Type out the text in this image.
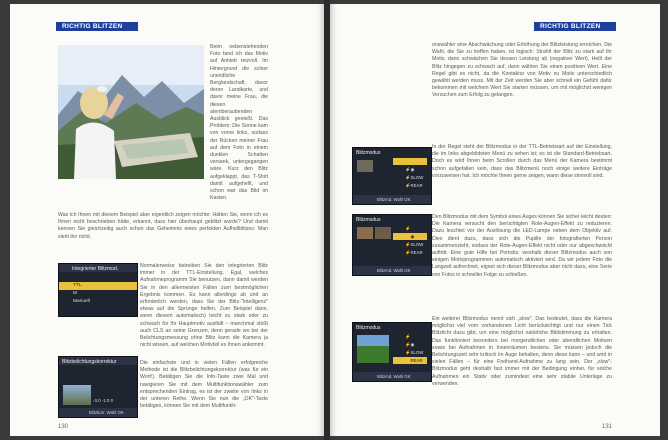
RICHTIG BLITZEN
Beim nebenstehenden Foto fand ich das Motiv auf Anhieb reizvoll. Im Hintergrund die schier unendliche Berglandschaft, davor deren Landkarte, und davor meine Frau, die diesen atemberaubenden Ausblick genießt. Das Problem: Die Sonne kam von vorne links, sodass der Rücken meiner Frau auf dem Foto in einem dunklen Schatten versank, untergegangen wäre. Kurz den Blitz aufgeklappt, das T-Shirt damit aufgehellt, und schon war das Bild im Kasten.
Was ich Ihnen mit diesem Beispiel aber eigentlich zeigen möchte: Hätten Sie, wenn ich es Ihnen nicht beschrieben hätte, erkannt, dass hier überhaupt geblitzt wurde? Und damit kennen Sie gleichzeitig auch schon das Geheimnis eines perfekten Aufhellblitzes: Man sieht ihn nicht.
Integrierter Blitzmod.
TTL
M
Manuell
Normalerweise betreiben Sie den integrierten Blitz immer in der TTL-Einstellung. Egal, welches Aufnahmeprogramm Sie benutzen, dann damit werden Sie in den allermeisten Fällen zum bestmöglichen Ergebnis kommen. Es kann allerdings ab und an erforderlich werden, dass Sie der Blitz-"Intelligenz" etwas auf die Sprünge helfen. Zum Beispiel dann, wenn diesem automatisch) leicht zu stark oder zu schwach für Ihr Hauptmotiv ausfällt – manchmal stößt auch CLS an seine Grenzen, denn gerade wo bei der Belichtungsmessung ohne Blitz kann die Kamera ja nicht wissen, auf welchen Motivteil es Ihnen ankommt.
Blitzbelichtungskorrektur
-3.0 -1.0 0
Blitzkorr. Wahl OK
Die einfachste und in vielen Fällen erfolgreiche Methode ist die Blitzbelichtungskorrektur (was für ein Wort!). Betätigen Sie die Info-Taste zwei Mal und navigieren Sie mit dem Multifunktionswähler zum entsprechenden Eintrag, es ist der zweite von links in der unteren Reihe. Wenn Sie nun die „OK"-Taste betätigen, können Sie mit dem Multifunkti-
130
RICHTIG BLITZEN
onswähler eine Abschwächung oder Erhöhung der Blitzleistung erreichen. Die Wahl, die Sie zu treffen haben, ist logisch: Strahlt der Blitz zu stark auf Ihr Motiv, dann schwächen Sie dessen Leistung ab (negativer Wert). Hellt der Blitz hingegen zu schwach auf, dann wählen Sie einen positiven Wert. Eine Regel gibt es nicht, da die Kontaktur von Motiv zu Motiv unterschiedlich gewählt werden muss. Mit der Zeit werden Sie aber schnell ein Gefühl dafür bekommen mit welchem Wert Sie starten müssen, um mit möglichst wenigen Versuchen zum Erfolg zu gelangen.
Blitzmodus
⚡
⚡◉
⚡SLOW
⚡REAR
Blitzmd. Wahl OK
In der Regel steht der Blitzmodus in der TTL-Betriebsart auf der Einstellung, die im links abgebildeten Menü zu sehen ist; es ist die Standard-Betriebsart. Doch es wird Ihnen beim Scrollen durch das Menü der Kamera bestimmt schon aufgefallen sein, dass das Blitzmenü noch einige weitere Einträge vorzuweisen hat. Ich möchte Ihnen gerne zeigen, wann diese sinnvoll sind.
Blitzmodus
⚡
⚡◉
⚡SLOW
⚡REAR
Blitzmd. Wahl OK
Den Blitzmodus mit dem Symbol eines Auges können Sie sicher leicht deuten: Die Kamera versucht den berüchtigten Rote-Augen-Effekt zu reduzieren. Dazu leuchtet vor der Auslösung die LED-Lampe neben dem Objektiv auf. Dies dient dazu, dass sich die Pupille der fotografierten Person zusammenzieht, sodass der Rote-Augen-Effekt nicht oder nur abgeschwächt auftritt. Eine gute Hilfe bei Porträts; weshalb dieser Blitzmodus auch von einigen Motivprogrammen automatisch aktiviert wird. Da wir jedem Foto die Langzeit aufrechnet, eignet sich dieser Blitzmodus aber nicht dazu, eine Serie von Fotos in schneller Folge zu schießen.
Blitzmodus
⚡
⚡◉
⚡SLOW
⚡REAR
Blitzmd. Wahl OK
Ein weiterer Blitzmodus nennt sich „slow". Das bedeutet, dass die Kamera möglichst viel vom vorhandenen Licht berücksichtigt und nur einen Tick Blitzlicht dazu gibt, um eine möglichst natürliche Bildstimmung zu erhalten. Das funktioniert besonders bei morgendlichen oder abendlichen Motiven sowie bei Aufnahmen in Innenräumen bestens. Sie müssen jedoch die Belichtungszeit sehr kritisch im Auge behalten, denn diese kann – und wird in vielen Fällen – für eine Freihand-Aufnahme zu lang sein. Der „slow"-Blitzmodus geht deshalb fast immer mit der Bedingung einher, für solche Aufnahmen ein Stativ oder zumindest eine sehr stabile Unterlage zu verwenden.
131
